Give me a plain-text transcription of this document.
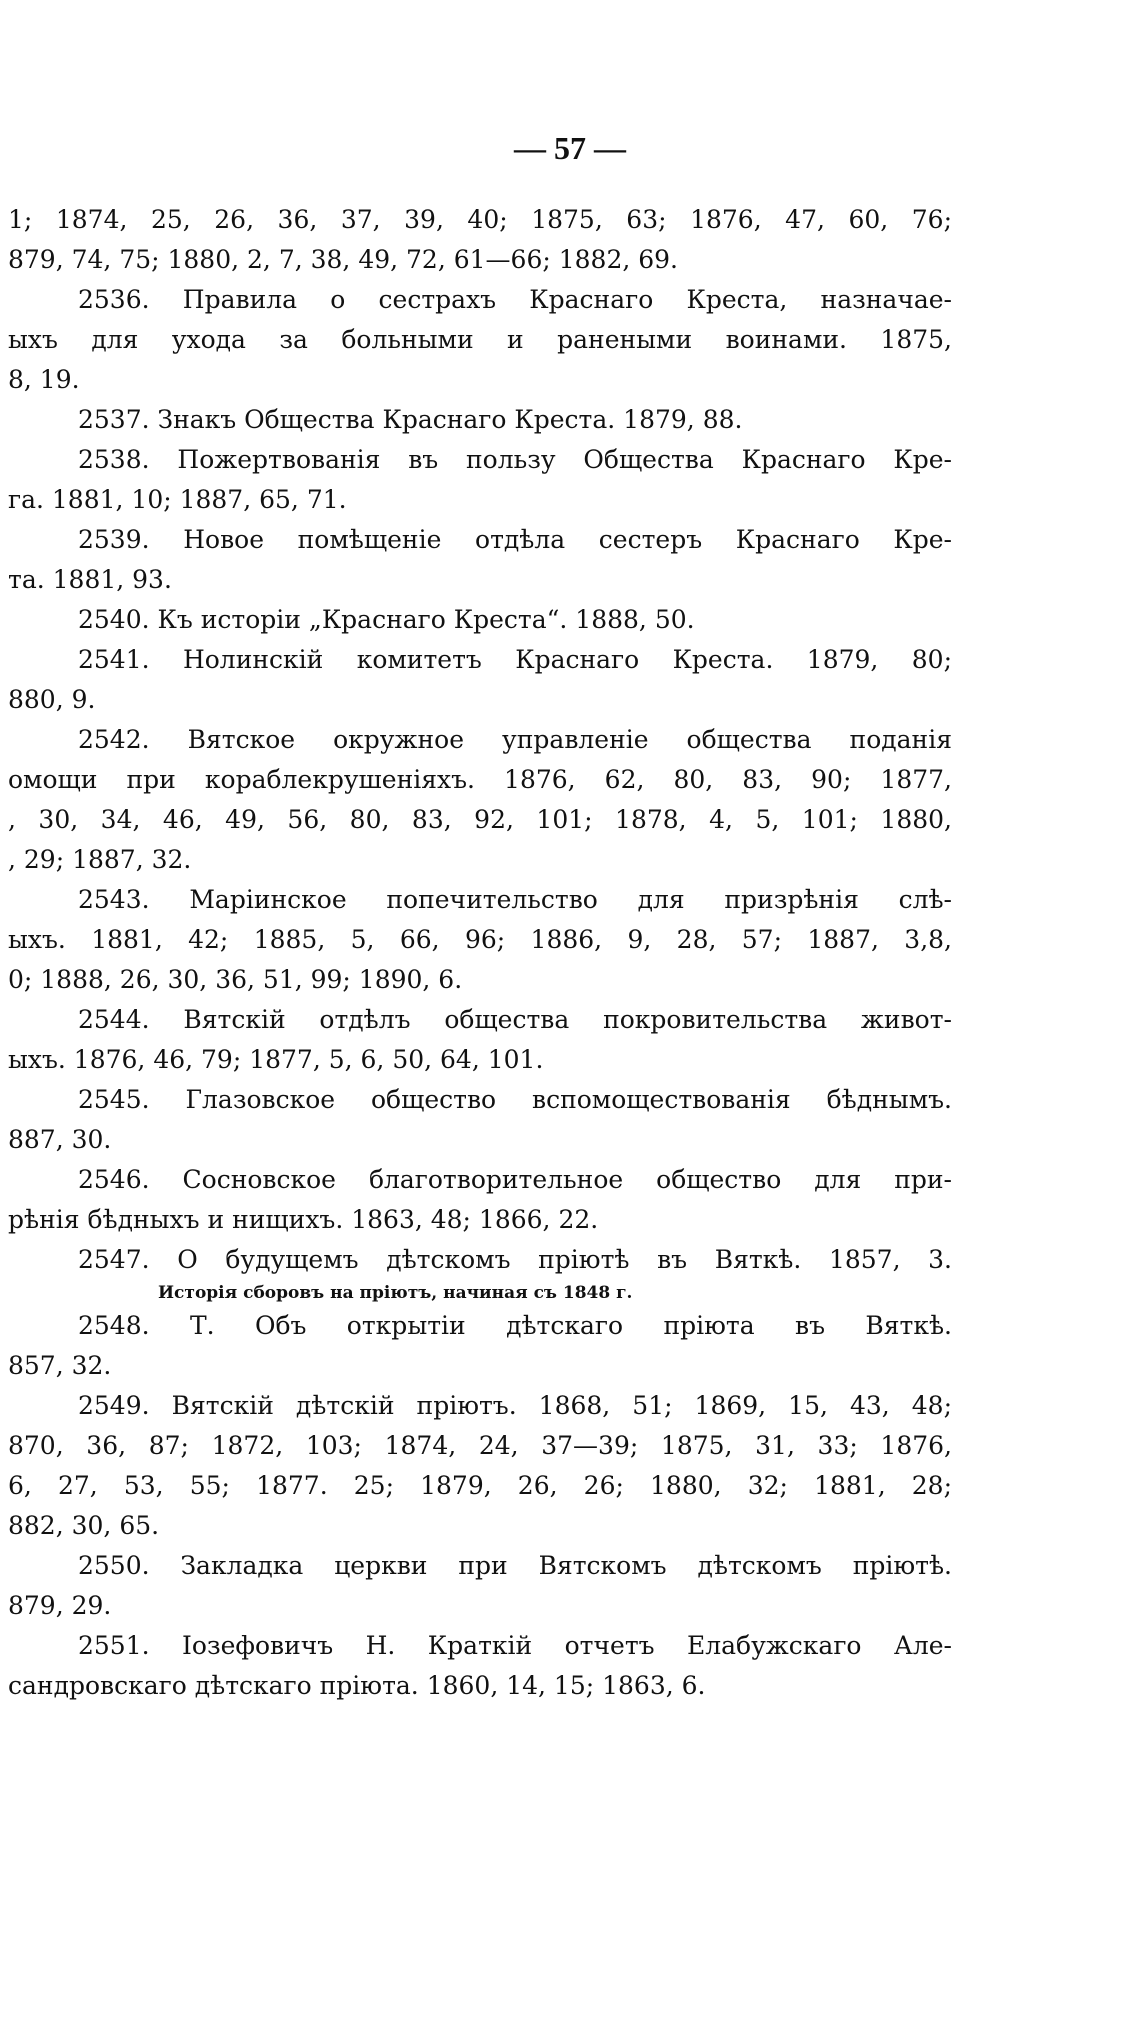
— 57 —
1; 1874, 25, 26, 36, 37, 39, 40; 1875, 63; 1876, 47, 60, 76;
879, 74, 75; 1880, 2, 7, 38, 49, 72, 61—66; 1882, 69.
2536. Правила о сестрахъ Краснаго Креста, назначае-
ыхъ для ухода за больными и ранеными воинами. 1875,
8, 19.
2537. Знакъ Общества Краснаго Креста. 1879, 88.
2538. Пожертвованія въ пользу Общества Краснаго Кре-
га. 1881, 10; 1887, 65, 71.
2539. Новое помѣщеніе отдѣла сестеръ Краснаго Кре-
та. 1881, 93.
2540. Къ исторіи „Краснаго Креста“. 1888, 50.
2541. Нолинскій комитетъ Краснаго Креста. 1879, 80;
880, 9.
2542. Вятское окружное управленіе общества поданія
омощи при кораблекрушеніяхъ. 1876, 62, 80, 83, 90; 1877,
, 30, 34, 46, 49, 56, 80, 83, 92, 101; 1878, 4, 5, 101; 1880,
, 29; 1887, 32.
2543. Маріинское попечительство для призрѣнія слѣ-
ыхъ. 1881, 42; 1885, 5, 66, 96; 1886, 9, 28, 57; 1887, 3,8,
0; 1888, 26, 30, 36, 51, 99; 1890, 6.
2544. Вятскій отдѣлъ общества покровительства живот-
ыхъ. 1876, 46, 79; 1877, 5, 6, 50, 64, 101.
2545. Глазовское общество вспомоществованія бѣднымъ.
887, 30.
2546. Сосновское благотворительное общество для при-
рѣнія бѣдныхъ и нищихъ. 1863, 48; 1866, 22.
2547. О будущемъ дѣтскомъ пріютѣ въ Вяткѣ. 1857, 3.
Исторія сборовъ на пріютъ, начиная съ 1848 г.
2548. Т. Объ открытіи дѣтскаго пріюта въ Вяткѣ.
857, 32.
2549. Вятскій дѣтскій пріютъ. 1868, 51; 1869, 15, 43, 48;
870, 36, 87; 1872, 103; 1874, 24, 37—39; 1875, 31, 33; 1876,
6, 27, 53, 55; 1877. 25; 1879, 26, 26; 1880, 32; 1881, 28;
882, 30, 65.
2550. Закладка церкви при Вятскомъ дѣтскомъ пріютѣ.
879, 29.
2551. Іозефовичъ Н. Краткій отчетъ Елабужскаго Але-
сандровскаго дѣтскаго пріюта. 1860, 14, 15; 1863, 6.
